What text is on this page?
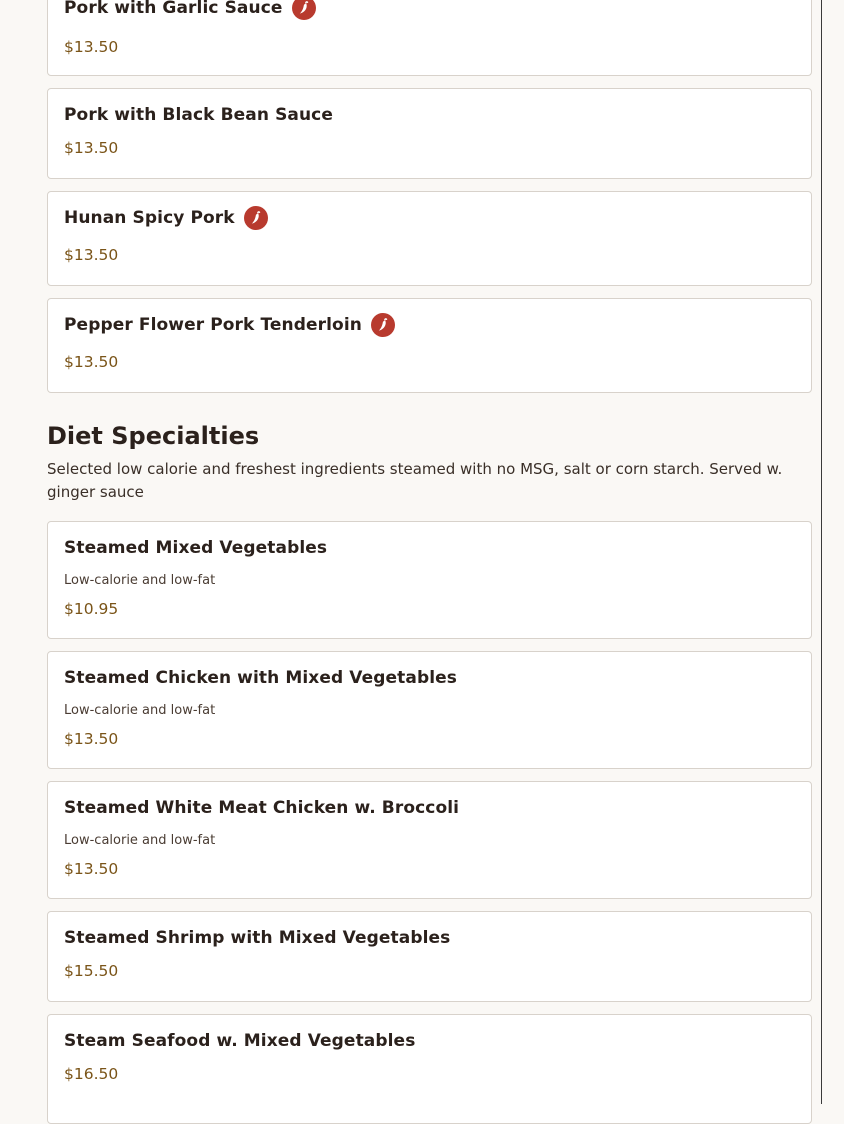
Pork with Garlic Sauce
$13.50
Pork with Black Bean Sauce
$13.50
Hunan Spicy Pork
$13.50
Pepper Flower Pork Tenderloin
$13.50
Diet Specialties
Selected low calorie and freshest ingredients steamed with no MSG, salt or corn starch. Served w. ginger sauce
Steamed Mixed Vegetables
Low-calorie and low-fat
$10.95
Steamed Chicken with Mixed Vegetables
Low-calorie and low-fat
$13.50
Steamed White Meat Chicken w. Broccoli
Low-calorie and low-fat
$13.50
Steamed Shrimp with Mixed Vegetables
$15.50
Steam Seafood w. Mixed Vegetables
$16.50
